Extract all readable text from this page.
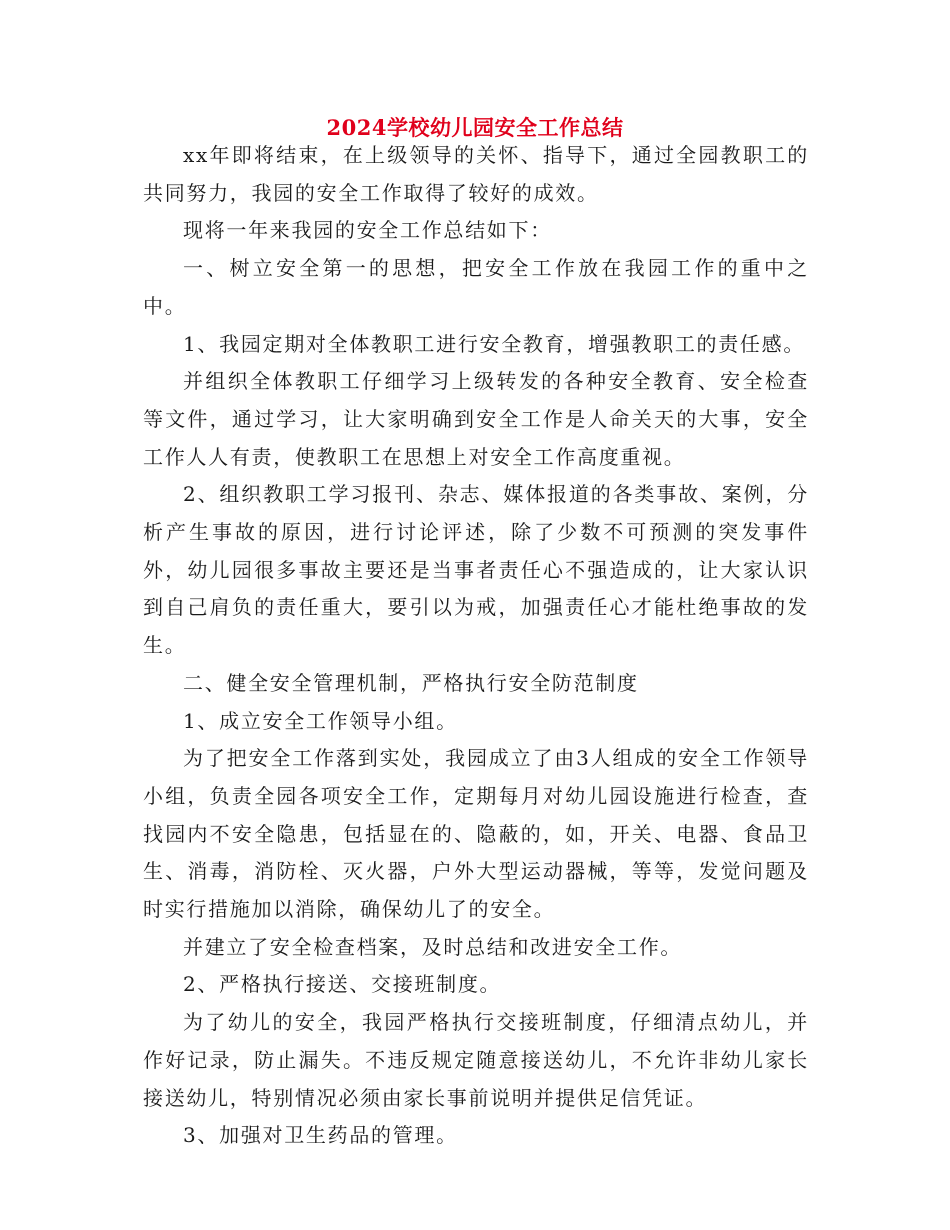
2024学校幼儿园安全工作总结

xx年即将结束，在上级领导的关怀、指导下，通过全园教职工的共同努力，我园的安全工作取得了较好的成效。

现将一年来我园的安全工作总结如下：

一、树立安全第一的思想，把安全工作放在我园工作的重中之中。

1、我园定期对全体教职工进行安全教育，增强教职工的责任感。

并组织全体教职工仔细学习上级转发的各种安全教育、安全检查等文件，通过学习，让大家明确到安全工作是人命关天的大事，安全工作人人有责，使教职工在思想上对安全工作高度重视。

2、组织教职工学习报刊、杂志、媒体报道的各类事故、案例，分析产生事故的原因，进行讨论评述，除了少数不可预测的突发事件外，幼儿园很多事故主要还是当事者责任心不强造成的，让大家认识到自己肩负的责任重大，要引以为戒，加强责任心才能杜绝事故的发生。

二、健全安全管理机制，严格执行安全防范制度

1、成立安全工作领导小组。

为了把安全工作落到实处，我园成立了由3人组成的安全工作领导小组，负责全园各项安全工作，定期每月对幼儿园设施进行检查，查找园内不安全隐患，包括显在的、隐蔽的，如，开关、电器、食品卫生、消毒，消防栓、灭火器，户外大型运动器械，等等，发觉问题及时实行措施加以消除，确保幼儿了的安全。

并建立了安全检查档案，及时总结和改进安全工作。

2、严格执行接送、交接班制度。

为了幼儿的安全，我园严格执行交接班制度，仔细清点幼儿，并作好记录，防止漏失。不违反规定随意接送幼儿，不允许非幼儿家长接送幼儿，特别情况必须由家长事前说明并提供足信凭证。

3、加强对卫生药品的管理。
